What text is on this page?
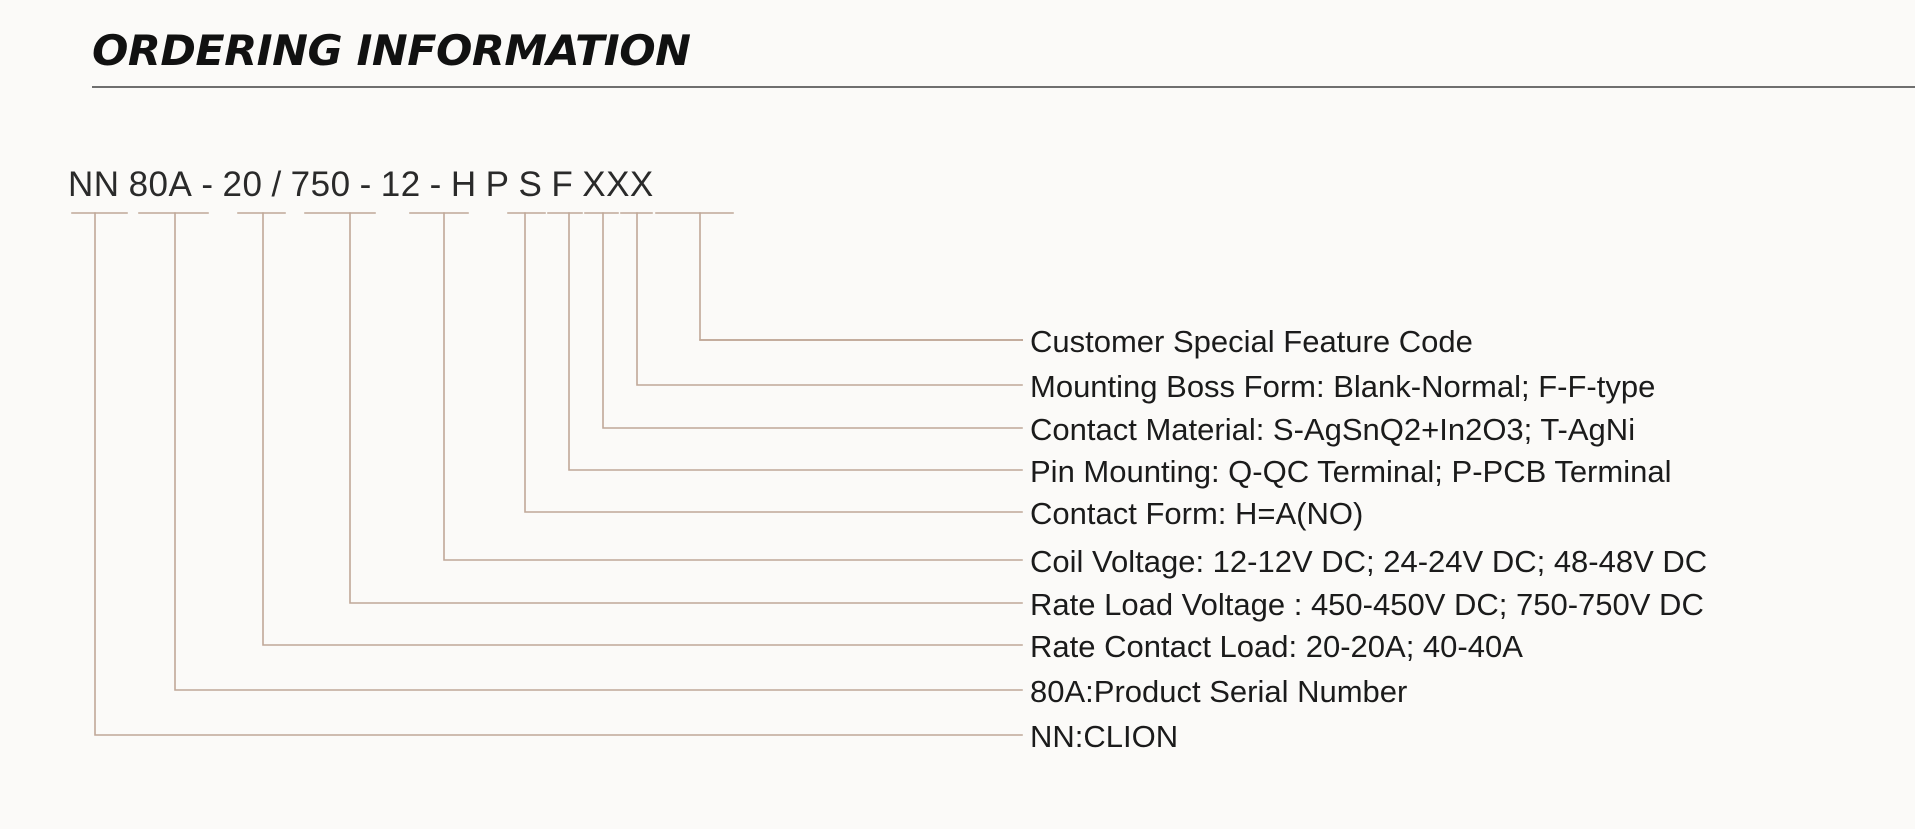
ORDERING INFORMATION
NN 80A - 20 / 750 - 12 - H P S F XXX
Customer Special Feature Code
Mounting Boss Form: Blank-Normal; F-F-type
Contact Material: S-AgSnQ2+In2O3; T-AgNi
Pin Mounting: Q-QC Terminal; P-PCB Terminal
Contact Form: H=A(NO)
Coil Voltage: 12-12V DC; 24-24V DC; 48-48V DC
Rate Load Voltage : 450-450V DC; 750-750V DC
Rate Contact Load: 20-20A; 40-40A
80A:Product Serial Number
NN:CLION
